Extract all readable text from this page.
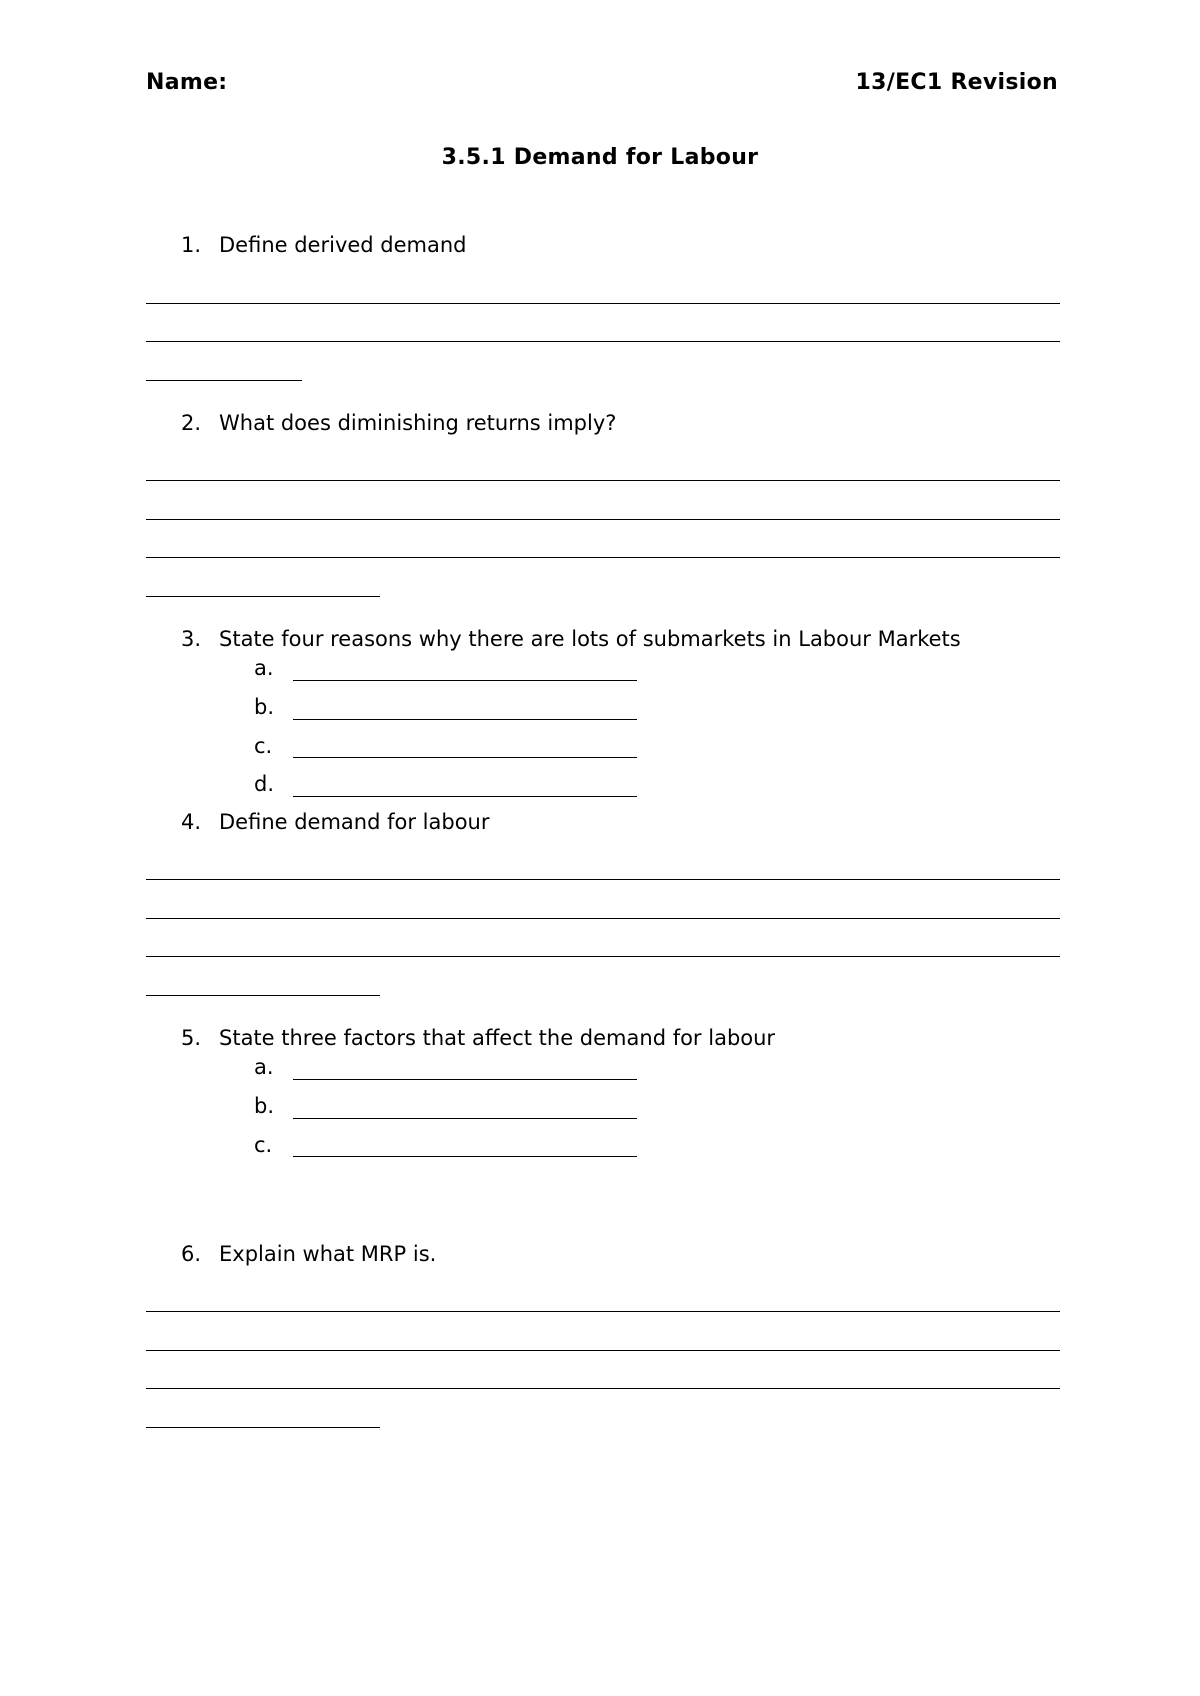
Name:	13/EC1 Revision
3.5.1 Demand for Labour
1. Define derived demand
2. What does diminishing returns imply?
3. State four reasons why there are lots of submarkets in Labour Markets
a.
b.
c.
d.
4. Define demand for labour
5. State three factors that affect the demand for labour
a.
b.
c.
6. Explain what MRP is.
